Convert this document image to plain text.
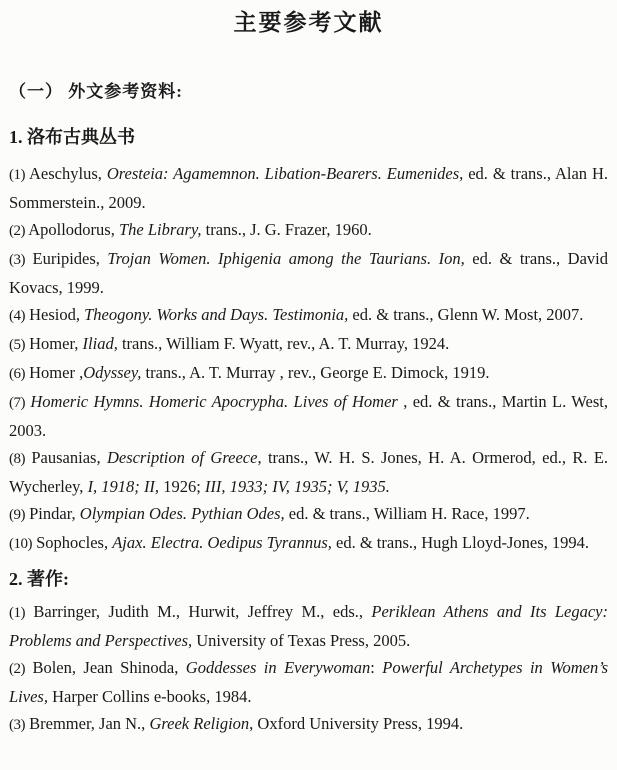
主要参考文献
（一） 外文参考资料:
1. 洛布古典丛书

(1) Aeschylus, Oresteia: Agamemnon. Libation-Bearers. Eumenides, ed. & trans., Alan H. Sommerstein., 2009.

(2) Apollodorus, The Library, trans., J. G. Frazer, 1960.

(3) Euripides, Trojan Women. Iphigenia among the Taurians. Ion, ed. & trans., David Kovacs, 1999.

(4) Hesiod, Theogony. Works and Days. Testimonia, ed. & trans., Glenn W. Most, 2007.

(5) Homer, Iliad, trans., William F. Wyatt, rev., A. T. Murray, 1924.

(6) Homer ,Odyssey, trans., A. T. Murray , rev., George E. Dimock, 1919.

(7) Homeric Hymns. Homeric Apocrypha. Lives of Homer , ed. & trans., Martin L. West, 2003.

(8) Pausanias, Description of Greece, trans., W. H. S. Jones, H. A. Ormerod, ed., R. E. Wycherley, I, 1918; II, 1926; III, 1933; IV, 1935; V, 1935.

(9) Pindar, Olympian Odes. Pythian Odes, ed. & trans., William H. Race, 1997.

(10) Sophocles, Ajax. Electra. Oedipus Tyrannus, ed. & trans., Hugh Lloyd-Jones, 1994.

2. 著作:

(1) Barringer, Judith M., Hurwit, Jeffrey M., eds., Periklean Athens and Its Legacy: Problems and Perspectives, University of Texas Press, 2005.

(2) Bolen, Jean Shinoda, Goddesses in Everywoman: Powerful Archetypes in Women’s Lives, Harper Collins e-books, 1984.

(3) Bremmer, Jan N., Greek Religion, Oxford University Press, 1994.
